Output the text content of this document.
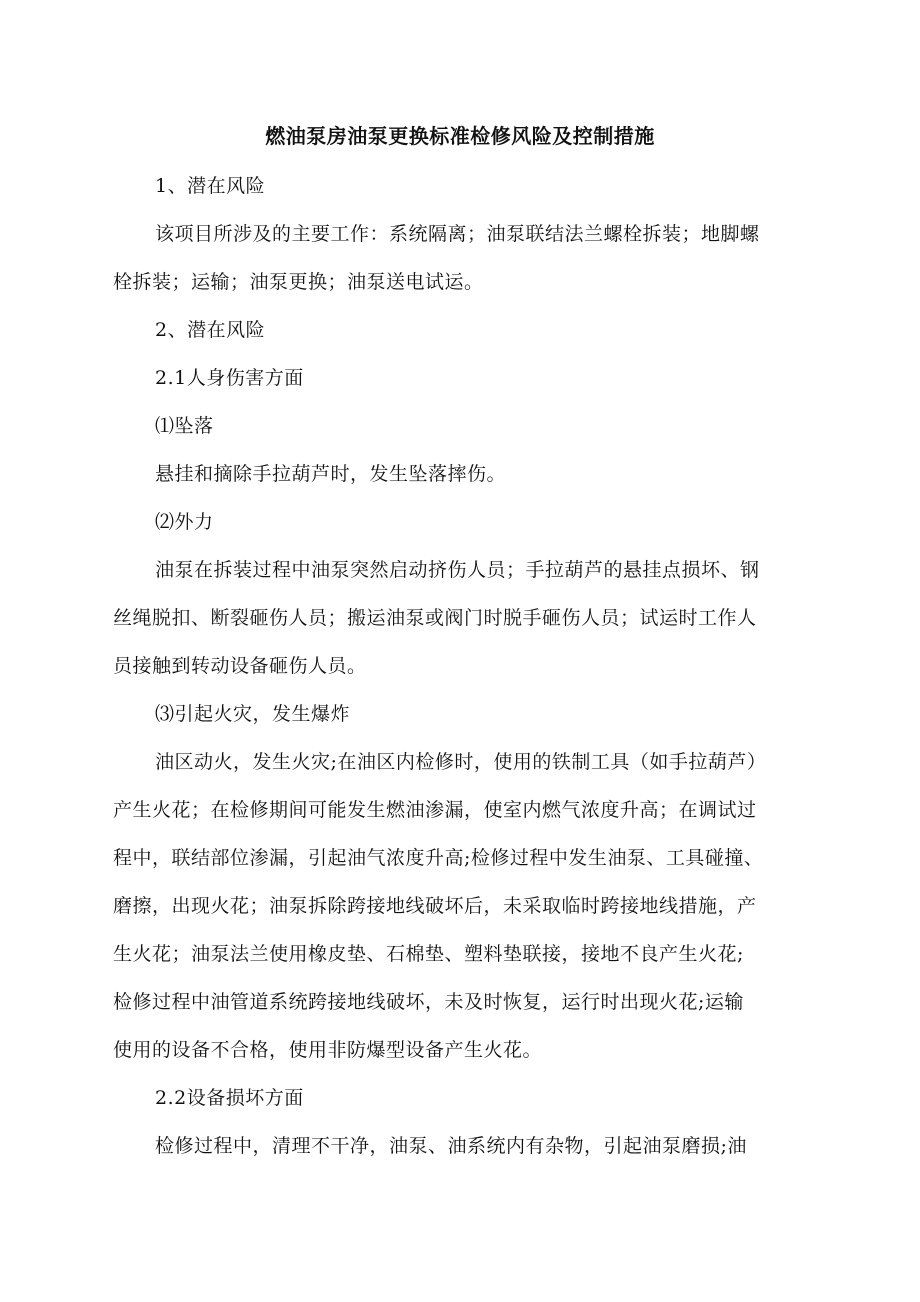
燃油泵房油泵更换标准检修风险及控制措施
1、潜在风险
该项目所涉及的主要工作：系统隔离；油泵联结法兰螺栓拆装；地脚螺
栓拆装；运输；油泵更换；油泵送电试运。
2、潜在风险
2.1人身伤害方面
⑴坠落
悬挂和摘除手拉葫芦时，发生坠落摔伤。
⑵外力
油泵在拆装过程中油泵突然启动挤伤人员；手拉葫芦的悬挂点损坏、钢
丝绳脱扣、断裂砸伤人员；搬运油泵或阀门时脱手砸伤人员；试运时工作人
员接触到转动设备砸伤人员。
⑶引起火灾，发生爆炸
油区动火，发生火灾;在油区内检修时，使用的铁制工具（如手拉葫芦）
产生火花；在检修期间可能发生燃油渗漏，使室内燃气浓度升高；在调试过
程中，联结部位渗漏，引起油气浓度升高;检修过程中发生油泵、工具碰撞、
磨擦，出现火花；油泵拆除跨接地线破坏后，未采取临时跨接地线措施，产
生火花；油泵法兰使用橡皮垫、石棉垫、塑料垫联接，接地不良产生火花;
检修过程中油管道系统跨接地线破坏，未及时恢复，运行时出现火花;运输
使用的设备不合格，使用非防爆型设备产生火花。
2.2设备损坏方面
检修过程中，清理不干净，油泵、油系统内有杂物，引起油泵磨损;油
